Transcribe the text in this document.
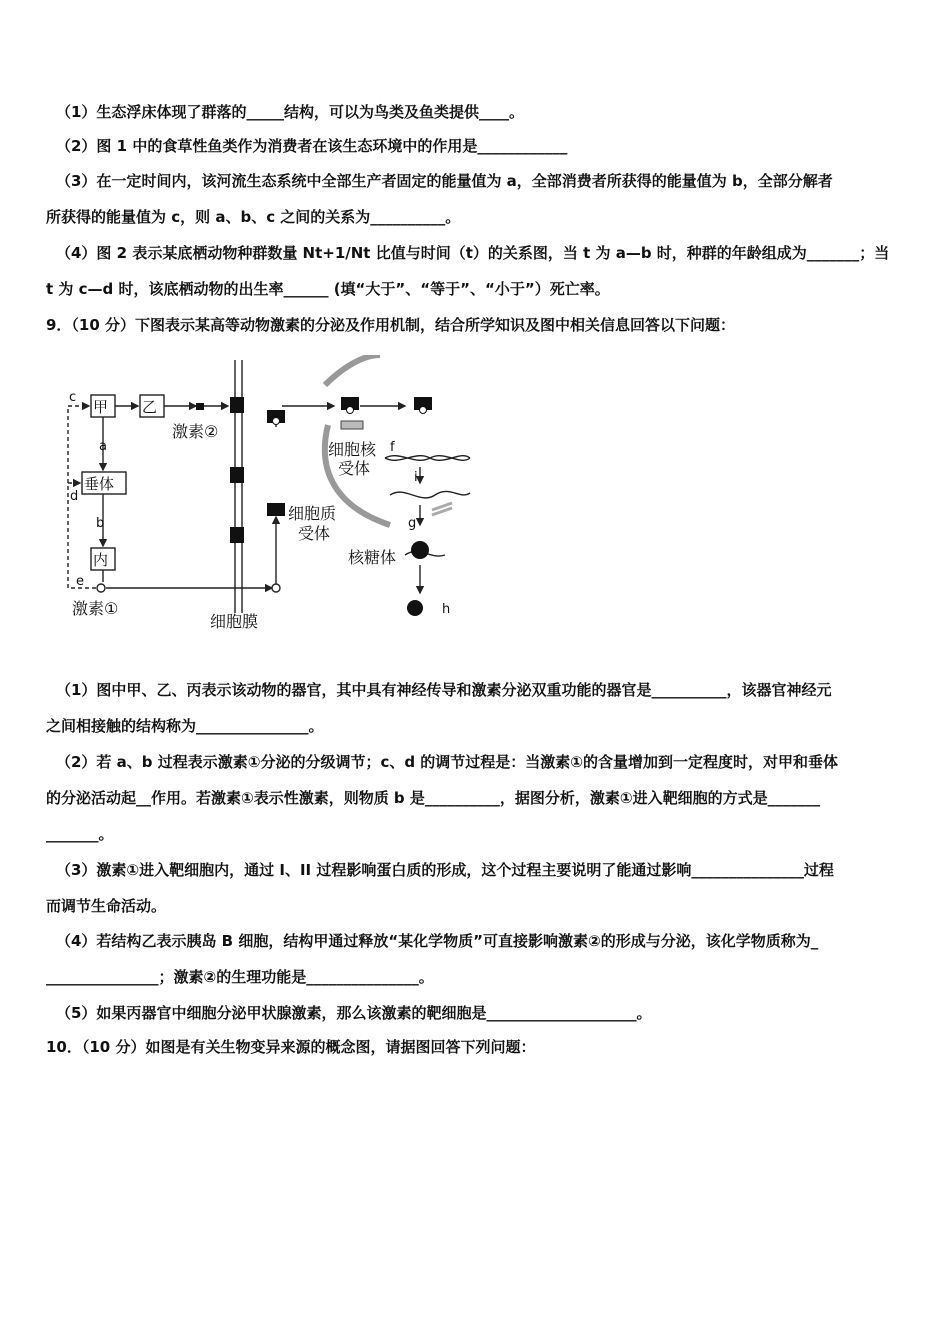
（1）生态浮床体现了群落的_____结构，可以为鸟类及鱼类提供____。
（2）图 1 中的食草性鱼类作为消费者在该生态环境中的作用是____________
（3）在一定时间内，该河流生态系统中全部生产者固定的能量值为 a，全部消费者所获得的能量值为 b，全部分解者
所获得的能量值为 c，则 a、b、c 之间的关系为__________。
（4）图 2 表示某底栖动物种群数量 Nt+1/Nt 比值与时间（t）的关系图，当 t 为 a—b 时，种群的年龄组成为_______；当
t 为 c—d 时，该底栖动物的出生率______ (填“大于”、“等于”、“小于”）死亡率。
9．（10 分）下图表示某高等动物激素的分泌及作用机制，结合所学知识及图中相关信息回答以下问题：
甲 乙
垂体
内
激素①
激素②
细胞膜
细胞质
受体
细胞核
受体
核糖体
c
a
d
b
e
f
i
g
h
（1）图中甲、乙、丙表示该动物的器官，其中具有神经传导和激素分泌双重功能的器官是__________，该器官神经元
之间相接触的结构称为_______________。
（2）若 a、b 过程表示激素①分泌的分级调节；c、d 的调节过程是：当激素①的含量增加到一定程度时，对甲和垂体
的分泌活动起__作用。若激素①表示性激素，则物质 b 是__________，据图分析，激素①进入靶细胞的方式是_______
_______。
（3）激素①进入靶细胞内，通过 I、II 过程影响蛋白质的形成，这个过程主要说明了能通过影响_______________过程
而调节生命活动。
（4）若结构乙表示胰岛 B 细胞，结构甲通过释放“某化学物质”可直接影响激素②的形成与分泌，该化学物质称为_
_______________；激素②的生理功能是_______________。
（5）如果丙器官中细胞分泌甲状腺激素，那么该激素的靶细胞是____________________。
10．（10 分）如图是有关生物变异来源的概念图，请据图回答下列问题：
